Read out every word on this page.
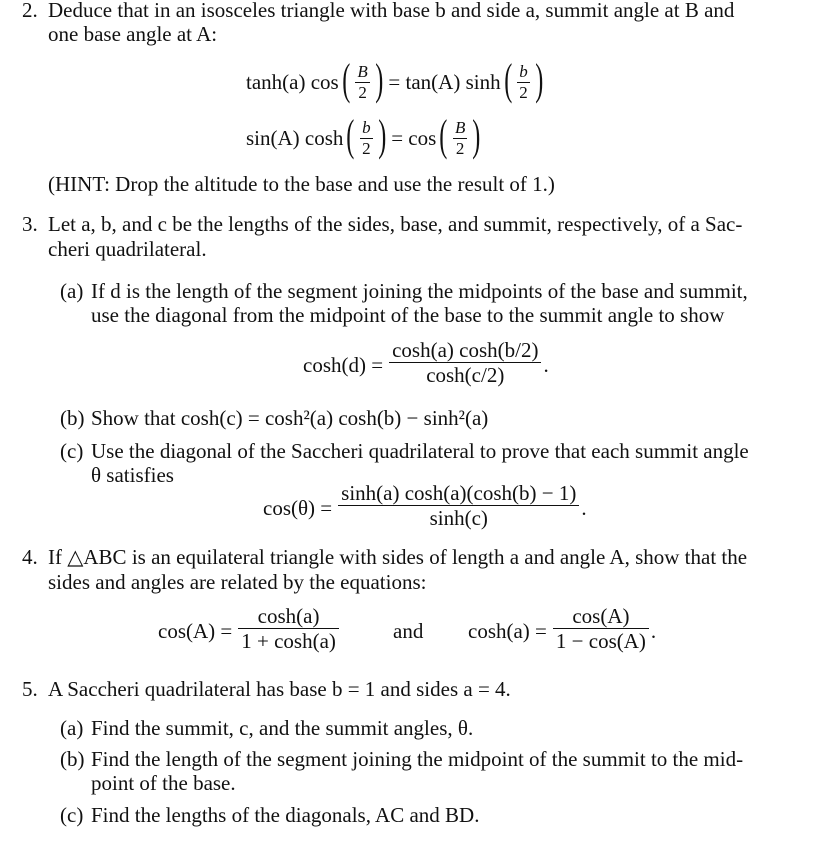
2. Deduce that in an isosceles triangle with base b and side a, summit angle at B and
one base angle at A:
tanh(a) cos ( $\frac{B}{2}$ ) = tan(A) sinh ( $\frac{b}{2}$ )
sin(A) cosh ( $\frac{b}{2}$ ) = cos ( $\frac{B}{2}$ )
(HINT: Drop the altitude to the base and use the result of 1.)
3. Let a, b, and c be the lengths of the sides, base, and summit, respectively, of a Sac-
cheri quadrilateral.
(a) If d is the length of the segment joining the midpoints of the base and summit,
use the diagonal from the midpoint of the base to the summit angle to show
$\cosh(d) = \frac{\cosh(a) \cosh(b/2)}{\cosh(c/2)}$ .
(b) Show that cosh(c) = cosh²(a) cosh(b) − sinh²(a)
(c) Use the diagonal of the Saccheri quadrilateral to prove that each summit angle
θ satisfies
$\cos(\theta) = \frac{\sinh(a) \cosh(a)(\cosh(b) - 1)}{\sinh(c)}$ .
4. If △ABC is an equilateral triangle with sides of length a and angle A, show that the
sides and angles are related by the equations:
$\cos(A) = \frac{\cosh(a)}{1 + \cosh(a)}$	and $\cosh(a) = \frac{\cos(A)}{1 - \cos(A)}$ .
5. A Saccheri quadrilateral has base b = 1 and sides a = 4.
(a) Find the summit, c, and the summit angles, θ.
(b) Find the length of the segment joining the midpoint of the summit to the mid-
point of the base.
(c) Find the lengths of the diagonals, AC and BD.
